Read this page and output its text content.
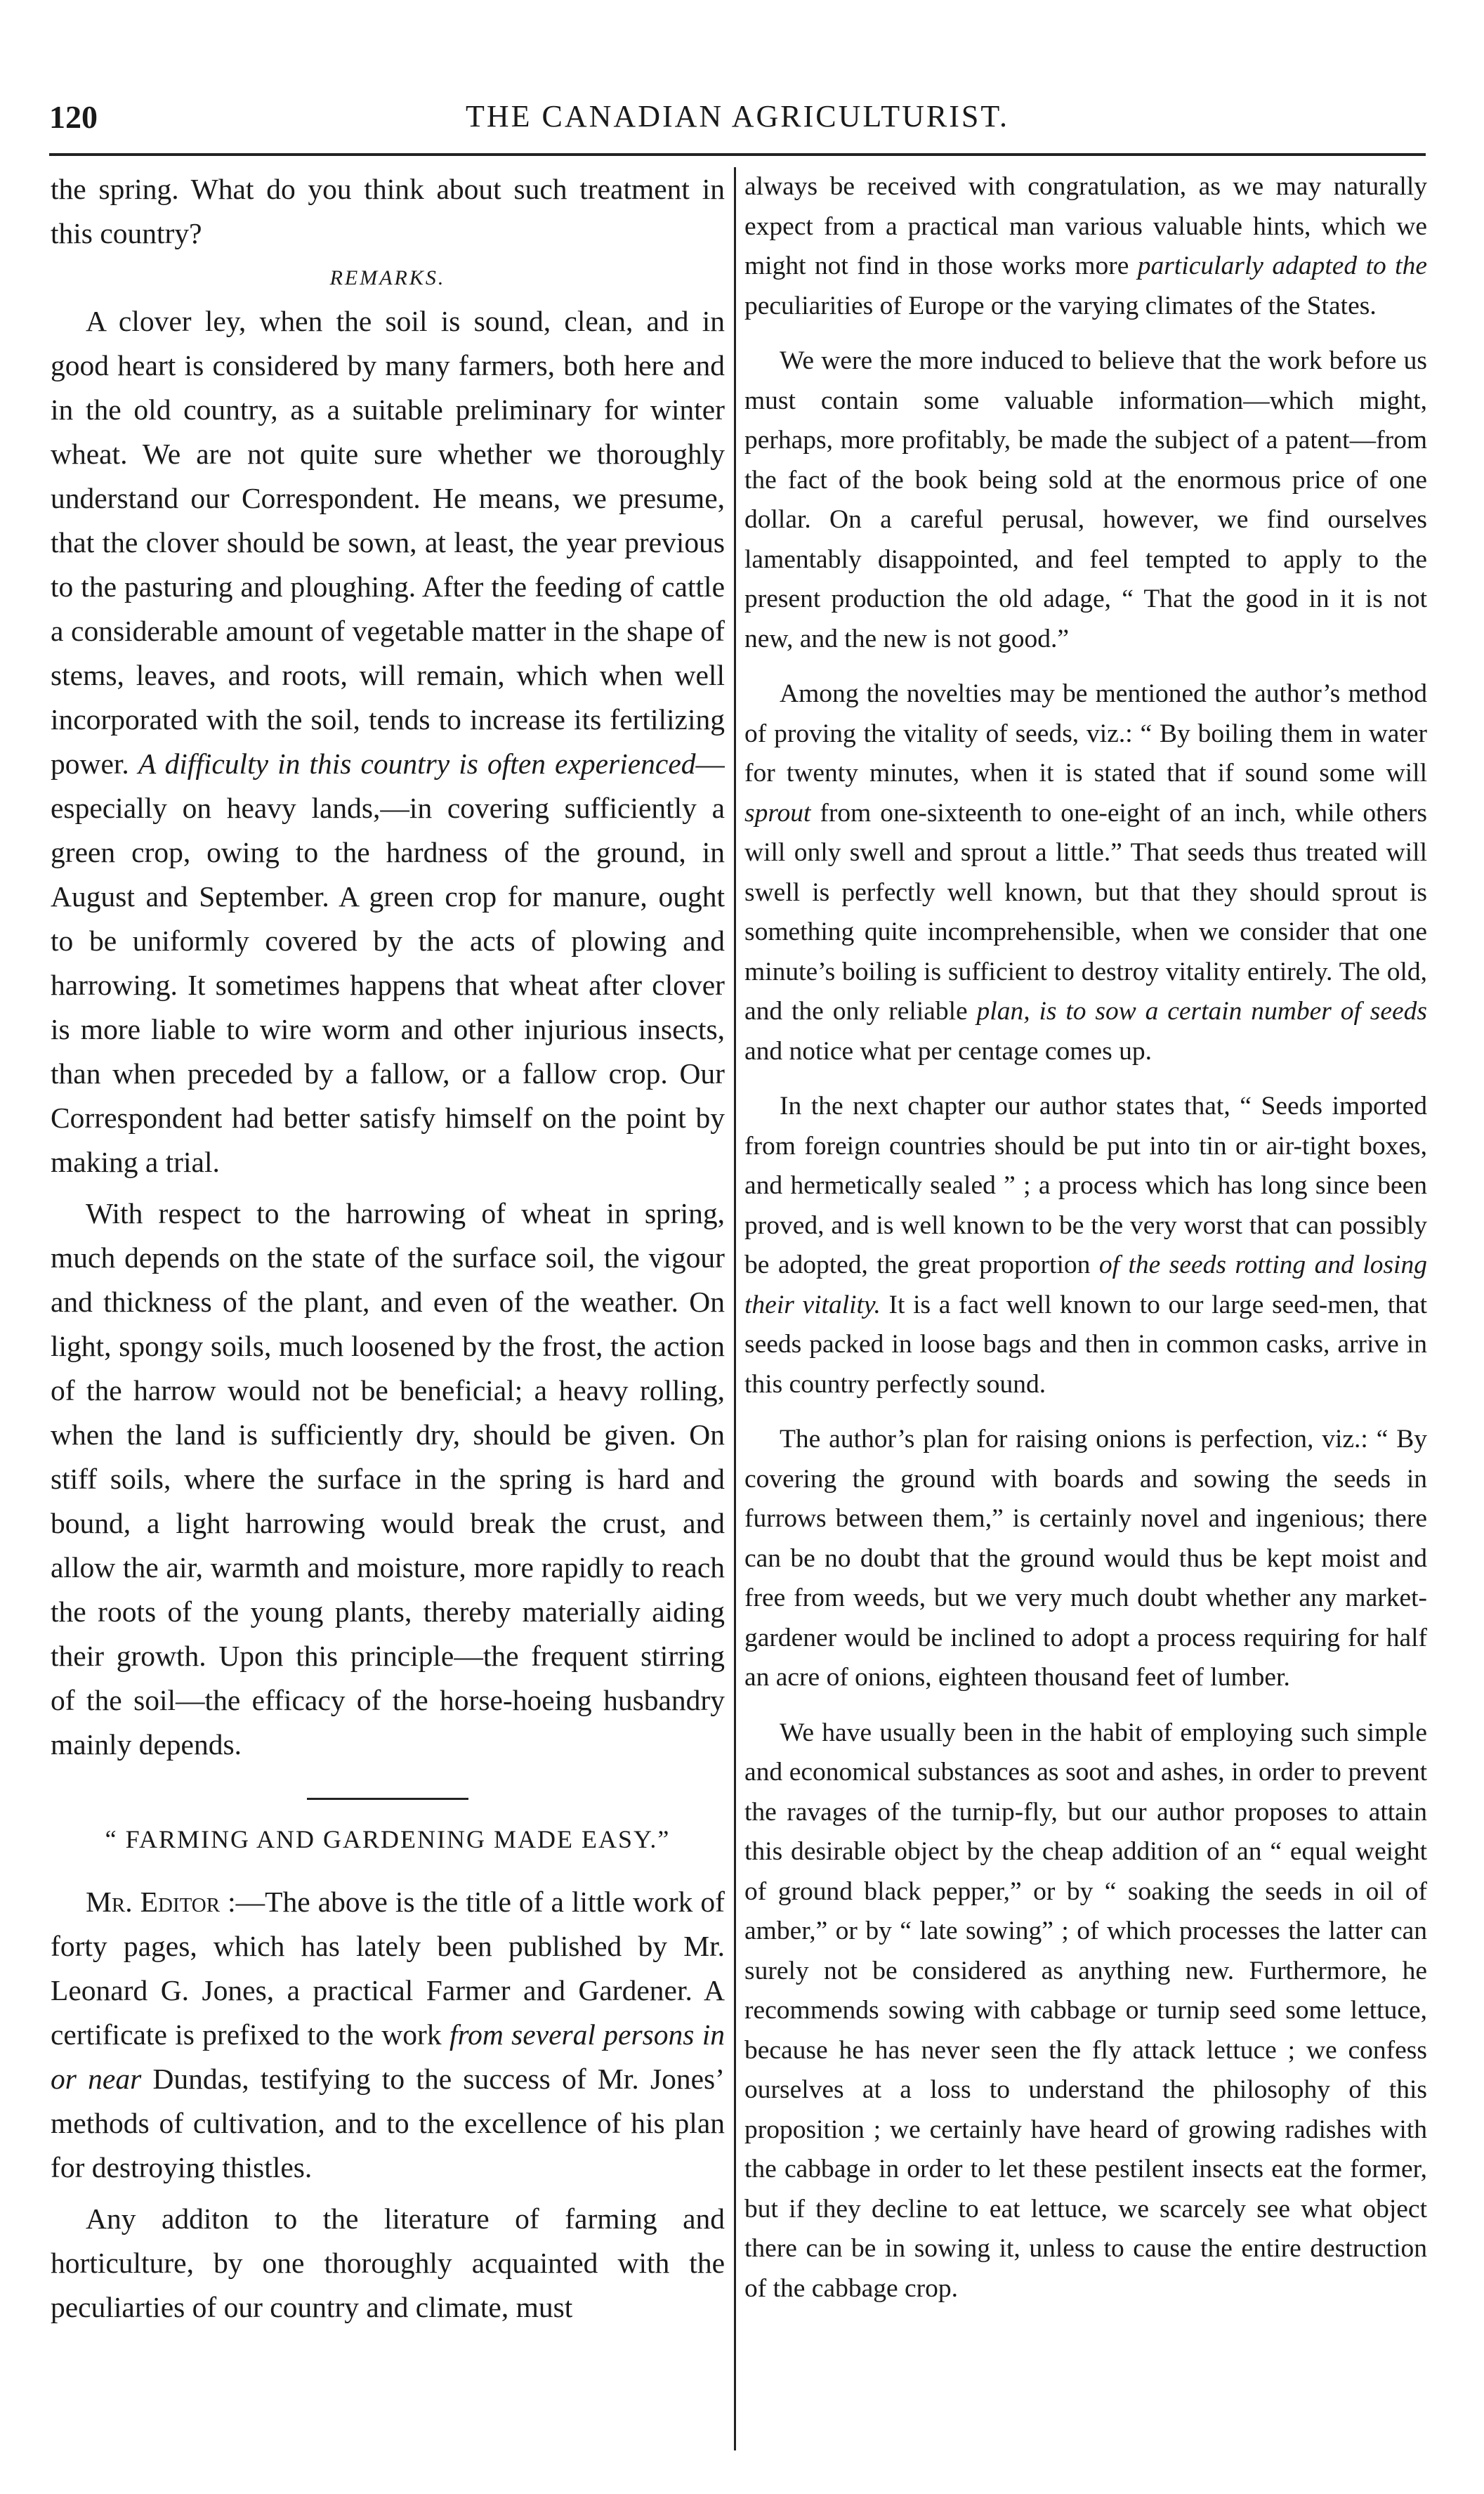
120	THE CANADIAN AGRICULTURIST.

the spring. What do you think about such treatment in this country?

REMARKS.

A clover ley, when the soil is sound, clean, and in good heart is considered by many farmers, both here and in the old country, as a suitable preliminary for winter wheat. We are not quite sure whether we thoroughly understand our Correspondent. He means, we presume, that the clover should be sown, at least, the year previous to the pasturing and ploughing. After the feeding of cattle a considerable amount of vegetable matter in the shape of stems, leaves, and roots, will remain, which when well incorporated with the soil, tends to increase its fertilizing power. A difficulty in this country is often experienced— especially on heavy lands,—in covering sufficiently a green crop, owing to the hardness of the ground, in August and September. A green crop for manure, ought to be uniformly covered by the acts of plowing and harrowing. It sometimes happens that wheat after clover is more liable to wire worm and other injurious insects, than when preceded by a fallow, or a fallow crop. Our Correspondent had better satisfy himself on the point by making a trial.

With respect to the harrowing of wheat in spring, much depends on the state of the surface soil, the vigour and thickness of the plant, and even of the weather. On light, spongy soils, much loosened by the frost, the action of the harrow would not be beneficial; a heavy rolling, when the land is sufficiently dry, should be given. On stiff soils, where the surface in the spring is hard and bound, a light harrowing would break the crust, and allow the air, warmth and moisture, more rapidly to reach the roots of the young plants, thereby materially aiding their growth. Upon this principle—the frequent stirring of the soil—the efficacy of the horse-hoeing husbandry mainly depends.

“ FARMING AND GARDENING MADE EASY.”

Mr. Editor :—The above is the title of a little work of forty pages, which has lately been published by Mr. Leonard G. Jones, a practical Farmer and Gardener. A certificate is prefixed to the work from several persons in or near Dundas, testifying to the success of Mr. Jones’ methods of cultivation, and to the excellence of his plan for destroying thistles.

Any additon to the literature of farming and horticulture, by one thoroughly acquainted with the peculiarties of our country and climate, must

always be received with congratulation, as we may naturally expect from a practical man various valuable hints, which we might not find in those works more particularly adapted to the peculiarities of Europe or the varying climates of the States.

We were the more induced to believe that the work before us must contain some valuable information—which might, perhaps, more profitably, be made the subject of a patent—from the fact of the book being sold at the enormous price of one dollar. On a careful perusal, however, we find ourselves lamentably disappointed, and feel tempted to apply to the present production the old adage, “ That the good in it is not new, and the new is not good.”

Among the novelties may be mentioned the author’s method of proving the vitality of seeds, viz.: “ By boiling them in water for twenty minutes, when it is stated that if sound some will sprout from one-sixteenth to one-eight of an inch, while others will only swell and sprout a little.” That seeds thus treated will swell is perfectly well known, but that they should sprout is something quite incomprehensible, when we consider that one minute’s boiling is sufficient to destroy vitality entirely. The old, and the only reliable plan, is to sow a certain number of seeds and notice what per centage comes up.

In the next chapter our author states that, “ Seeds imported from foreign countries should be put into tin or air-tight boxes, and hermetically sealed ” ; a process which has long since been proved, and is well known to be the very worst that can possibly be adopted, the great proportion of the seeds rotting and losing their vitality. It is a fact well known to our large seed-men, that seeds packed in loose bags and then in common casks, arrive in this country perfectly sound.

The author’s plan for raising onions is perfection, viz.: “ By covering the ground with boards and sowing the seeds in furrows between them,” is certainly novel and ingenious; there can be no doubt that the ground would thus be kept moist and free from weeds, but we very much doubt whether any market-gardener would be inclined to adopt a process requiring for half an acre of onions, eighteen thousand feet of lumber.

We have usually been in the habit of employing such simple and economical substances as soot and ashes, in order to prevent the ravages of the turnip-fly, but our author proposes to attain this desirable object by the cheap addition of an “ equal weight of ground black pepper,” or by “ soaking the seeds in oil of amber,” or by “ late sowing” ; of which processes the latter can surely not be considered as anything new. Furthermore, he recommends sowing with cabbage or turnip seed some lettuce, because he has never seen the fly attack lettuce ; we confess ourselves at a loss to understand the philosophy of this proposition ; we certainly have heard of growing radishes with the cabbage in order to let these pestilent insects eat the former, but if they decline to eat lettuce, we scarcely see what object there can be in sowing it, unless to cause the entire destruction of the cabbage crop.
